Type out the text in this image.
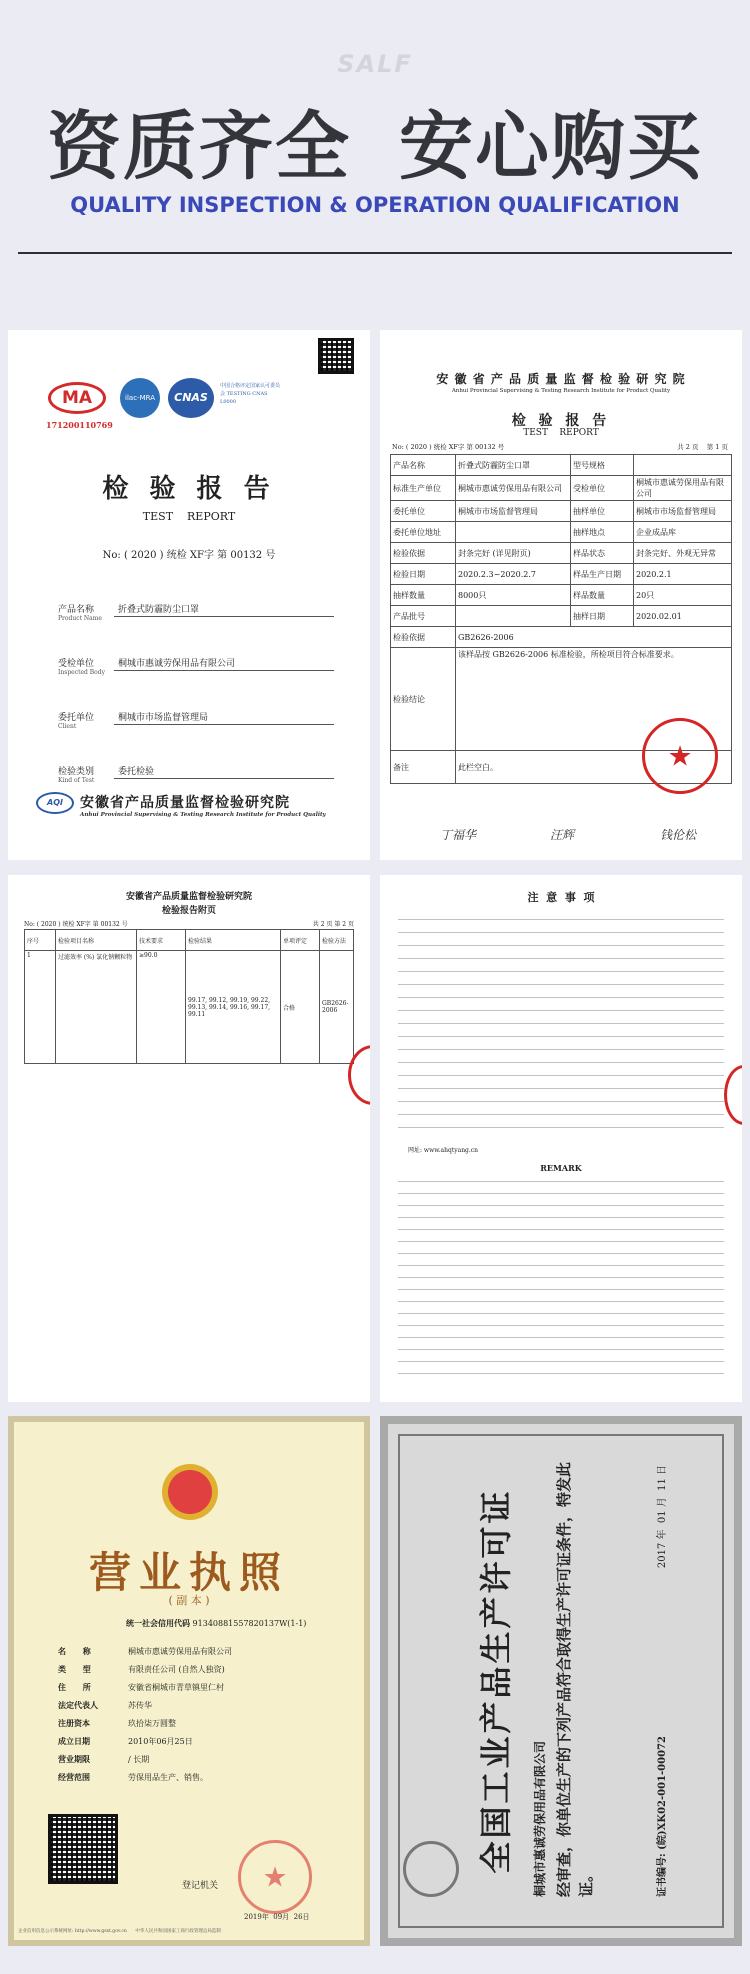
SALF
资质齐全 安心购买
QUALITY INSPECTION & OPERATION QUALIFICATION
MA
171200110769
ilac-MRA	CNAS
中国合格评定国家认可委员会 TESTING CNAS L0000
检 验 报 告
TEST    REPORT
No: ( 2020 ) 统检 XF字 第 00132 号
产品名称
Product Name
折叠式防霾防尘口罩
受检单位
Inspected Body
桐城市惠诚劳保用品有限公司
委托单位
Client
桐城市市场监督管理局
检验类别
Kind of Test
委托检验
AQI	安徽省产品质量监督检验研究院
Anhui Provincial Supervising & Testing Research Institute for Product Quality
安 徽 省 产 品 质 量 监 督 检 验 研 究 院
Anhui Provincial Supervising & Testing Research Institute for Product Quality
检 验 报 告
TEST    REPORT
No: ( 2020 ) 统检 XF字 第 00132 号	共 2 页    第 1 页
产品名称	折叠式防霾防尘口罩	型号规格	
标准生产单位	桐城市惠诚劳保用品有限公司	受检单位	桐城市惠诚劳保用品有限公司
委托单位	桐城市市场监督管理局	抽样单位	桐城市市场监督管理局
委托单位地址		抽样地点	企业成品库
检验依据	封条完好 (详见附页)	样品状态	封条完好、外观无异常
检验日期	2020.2.3~2020.2.7	样品生产日期	2020.2.1
抽样数量	8000只	样品数量	20只
产品批号		抽样日期	2020.02.01
检验依据	GB2626-2006		
检验结论	该样品按 GB2626-2006 标准检验，所检项目符合标准要求。		
备注	此栏空白。			★
丁福华	汪辉	钱伦松
安徽省产品质量监督检验研究院
检验报告附页
No: ( 2020 ) 统检 XF字 第 00132 号	共 2 页 第 2 页
序号	检验项目名称	技术要求	检验结果	单项评定	检验方法
1	过滤效率 (%) 氯化钠颗粒物	≥90.0	99.17, 99.12, 99.19, 99.22, 99.13, 99.14, 99.16, 99.17, 99.11	合格	GB2626-2006
注  意  事  项
网址: www.ahqtyang.cn
REMARK
营业执照
( 副 本 )
统一社会信用代码 91340881557820137W(1-1)
名      称	桐城市惠诚劳保用品有限公司
类      型	有限责任公司 (自然人独资)
住      所	安徽省桐城市青草镇里仁村
法定代表人	苏传华
注册资本	玖拾柒万圆整
成立日期	2010年06月25日
营业期限	/ 长期
经营范围	劳保用品生产、销售。
登记机关 ★
2019年  09月  26日
企业信用信息公示系统网址: http://www.gsxt.gov.cn      中华人民共和国国家工商行政管理总局监制
全国工业产品生产许可证 桐城市惠诚劳保用品有限公司 经审查，你单位生产的下列产品符合取得生产许可证条件，特发此证。	证书编号: (皖)XK02-001-00072
2017 年  01 月  11 日
